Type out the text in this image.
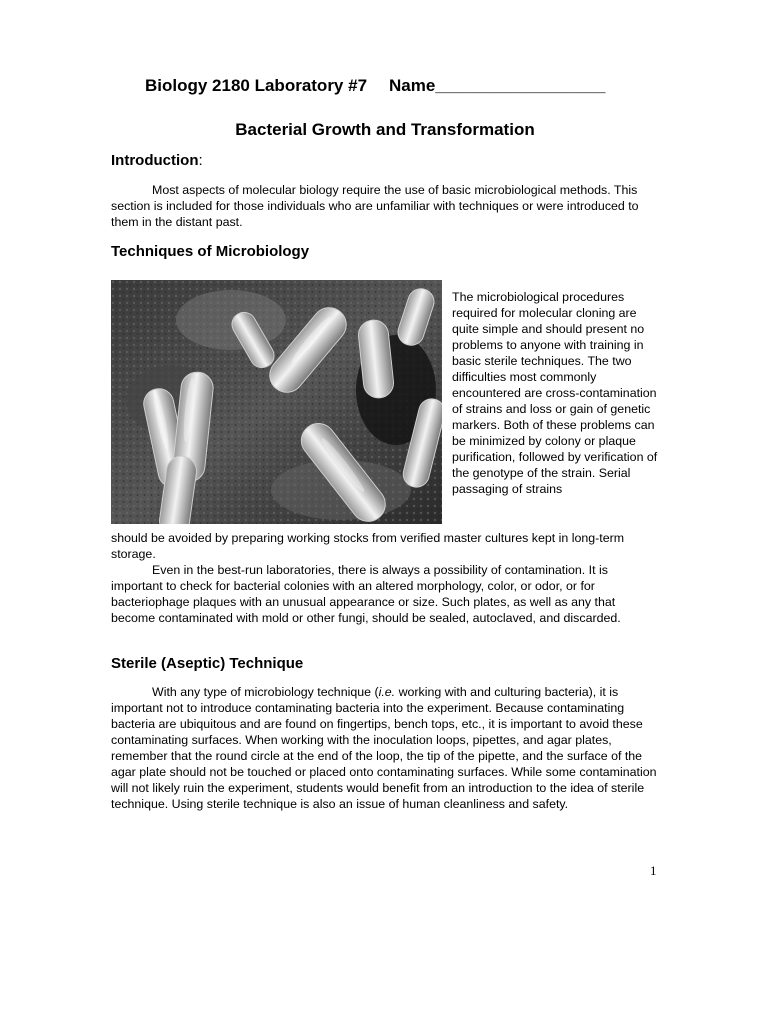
Biology 2180 Laboratory #7 Name__________________
Bacterial Growth and Transformation
Introduction:
Most aspects of molecular biology require the use of basic microbiological methods. This section is included for those individuals who are unfamiliar with techniques or were introduced to them in the distant past.
Techniques of Microbiology
The microbiological procedures required for molecular cloning are quite simple and should present no problems to anyone with training in basic sterile techniques. The two difficulties most commonly encountered are cross-contamination of strains and loss or gain of genetic markers. Both of these problems can be minimized by colony or plaque purification, followed by verification of the genotype of the strain. Serial passaging of strains
should be avoided by preparing working stocks from verified master cultures kept in long-term storage.
Even in the best-run laboratories, there is always a possibility of contamination. It is important to check for bacterial colonies with an altered morphology, color, or odor, or for bacteriophage plaques with an unusual appearance or size. Such plates, as well as any that become contaminated with mold or other fungi, should be sealed, autoclaved, and discarded.
Sterile (Aseptic) Technique
With any type of microbiology technique (i.e. working with and culturing bacteria), it is important not to introduce contaminating bacteria into the experiment. Because contaminating bacteria are ubiquitous and are found on fingertips, bench tops, etc., it is important to avoid these contaminating surfaces. When working with the inoculation loops, pipettes, and agar plates, remember that the round circle at the end of the loop, the tip of the pipette, and the surface of the agar plate should not be touched or placed onto contaminating surfaces. While some contamination will not likely ruin the experiment, students would benefit from an introduction to the idea of sterile technique. Using sterile technique is also an issue of human cleanliness and safety.
1
